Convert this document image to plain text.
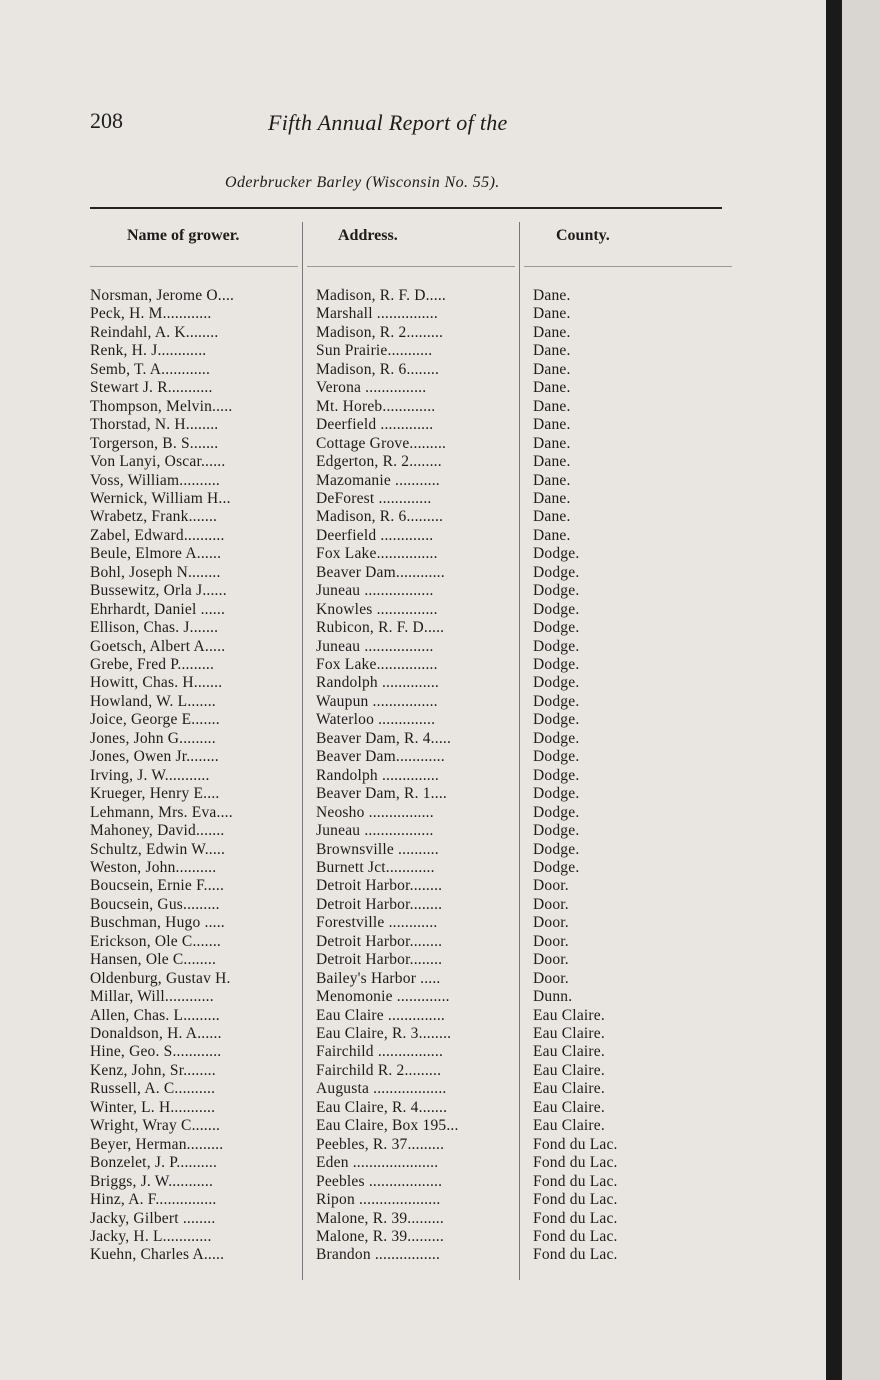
208	Fifth Annual Report of the
Oderbrucker Barley (Wisconsin No. 55).
Name of grower.	Address.	County.
Norsman, Jerome O....	Madison, R. F. D.....	Dane.
Peck, H. M............	Marshall ...............	Dane.
Reindahl, A. K........	Madison, R. 2.........	Dane.
Renk, H. J............	Sun Prairie...........	Dane.
Semb, T. A............	Madison, R. 6........	Dane.
Stewart J. R...........	Verona ...............	Dane.
Thompson, Melvin.....	Mt. Horeb.............	Dane.
Thorstad, N. H........	Deerfield .............	Dane.
Torgerson, B. S.......	Cottage Grove.........	Dane.
Von Lanyi, Oscar......	Edgerton, R. 2........	Dane.
Voss, William..........	Mazomanie ...........	Dane.
Wernick, William H...	DeForest .............	Dane.
Wrabetz, Frank.......	Madison, R. 6.........	Dane.
Zabel, Edward..........	Deerfield .............	Dane.
Beule, Elmore A......	Fox Lake...............	Dodge.
Bohl, Joseph N........	Beaver Dam............	Dodge.
Bussewitz, Orla J......	Juneau .................	Dodge.
Ehrhardt, Daniel ......	Knowles ...............	Dodge.
Ellison, Chas. J.......	Rubicon, R. F. D.....	Dodge.
Goetsch, Albert A.....	Juneau .................	Dodge.
Grebe, Fred P.........	Fox Lake...............	Dodge.
Howitt, Chas. H.......	Randolph ..............	Dodge.
Howland, W. L.......	Waupun ................	Dodge.
Joice, George E.......	Waterloo ..............	Dodge.
Jones, John G.........	Beaver Dam, R. 4.....	Dodge.
Jones, Owen Jr........	Beaver Dam............	Dodge.
Irving, J. W...........	Randolph ..............	Dodge.
Krueger, Henry E....	Beaver Dam, R. 1....	Dodge.
Lehmann, Mrs. Eva....	Neosho ................	Dodge.
Mahoney, David.......	Juneau .................	Dodge.
Schultz, Edwin W.....	Brownsville ..........	Dodge.
Weston, John..........	Burnett Jct............	Dodge.
Boucsein, Ernie F.....	Detroit Harbor........	Door.
Boucsein, Gus.........	Detroit Harbor........	Door.
Buschman, Hugo .....	Forestville ............	Door.
Erickson, Ole C.......	Detroit Harbor........	Door.
Hansen, Ole C........	Detroit Harbor........	Door.
Oldenburg, Gustav H.	Bailey's Harbor .....	Door.
Millar, Will............	Menomonie .............	Dunn.
Allen, Chas. L.........	Eau Claire ..............	Eau Claire.
Donaldson, H. A......	Eau Claire, R. 3........	Eau Claire.
Hine, Geo. S............	Fairchild ................	Eau Claire.
Kenz, John, Sr........	Fairchild R. 2.........	Eau Claire.
Russell, A. C..........	Augusta ..................	Eau Claire.
Winter, L. H...........	Eau Claire, R. 4.......	Eau Claire.
Wright, Wray C.......	Eau Claire, Box 195...	Eau Claire.
Beyer, Herman.........	Peebles, R. 37.........	Fond du Lac.
Bonzelet, J. P..........	Eden .....................	Fond du Lac.
Briggs, J. W...........	Peebles ..................	Fond du Lac.
Hinz, A. F...............	Ripon ....................	Fond du Lac.
Jacky, Gilbert ........	Malone, R. 39.........	Fond du Lac.
Jacky, H. L............	Malone, R. 39.........	Fond du Lac.
Kuehn, Charles A.....	Brandon ................	Fond du Lac.
